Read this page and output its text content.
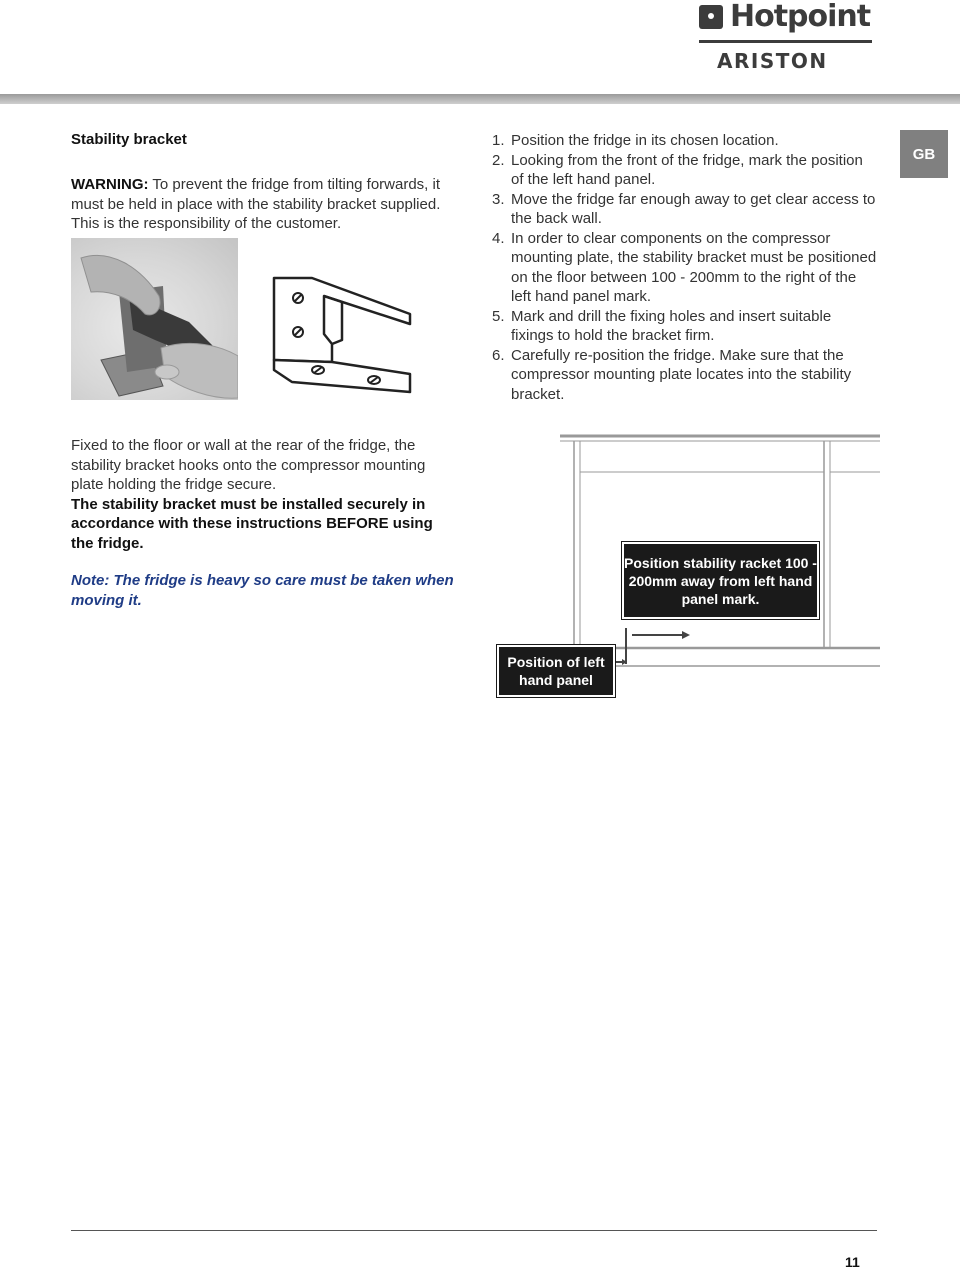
Hotpoint
ARISTON
GB
Stability bracket
WARNING: To prevent the fridge from tilting forwards, it must be held in place with the stability bracket supplied.
This is the responsibility of the customer.
1. Position the fridge in its chosen location.
2. Looking from the front of the fridge, mark the position of the left hand panel.
3. Move the fridge far enough away to get clear access to the back wall.
4. In order to clear components on the compressor mounting plate, the stability bracket must be positioned on the floor between 100 - 200mm to the right of the left hand panel mark.
5. Mark and drill the fixing holes and insert suitable fixings to hold the bracket firm.
6. Carefully re-position the fridge. Make sure that the compressor mounting plate locates into the stability bracket.
Fixed to the floor or wall at the rear of the fridge, the stability bracket hooks onto the compressor mounting plate holding the fridge secure.
The stability bracket must be installed securely in accordance with these instructions BEFORE using the fridge.
Note: The fridge is heavy so care must be taken when moving it.
Position stability racket 100 - 200mm away from left hand panel mark.
Position of left hand panel
11
